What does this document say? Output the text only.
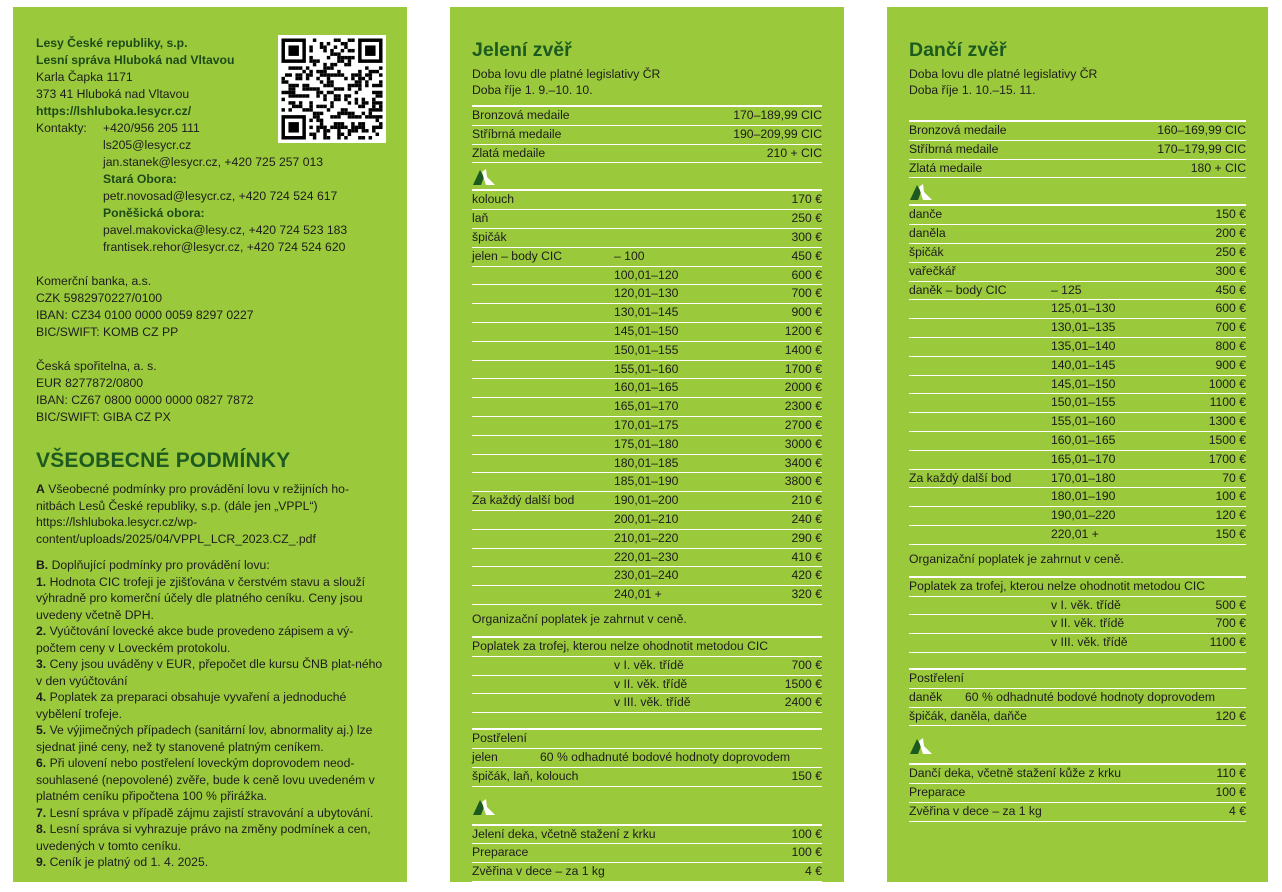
Lesy České republiky, s.p.
Lesní správa Hluboká nad Vltavou
Karla Čapka 1171
373 41 Hluboká nad Vltavou
https://lshluboka.lesycr.cz/
Kontakty:	+420/956 205 111
ls205@lesycr.cz
jan.stanek@lesycr.cz, +420 725 257 013
Stará Obora:
petr.novosad@lesycr.cz, +420 724 524 617
Poněšická obora:
pavel.makovicka@lesy.cz, +420 724 523 183
frantisek.rehor@lesycr.cz, +420 724 524 620
Komerční banka, a.s.
CZK 5982970227/0100
IBAN: CZ34 0100 0000 0059 8297 0227
BIC/SWIFT: KOMB CZ PP
Česká spořitelna, a. s.
EUR 8277872/0800
IBAN: CZ67 0800 0000 0000 0827 7872
BIC/SWIFT: GIBA CZ PX
VŠEOBECNÉ PODMÍNKY
A Všeobecné podmínky pro provádění lovu v režijních ho-nitbách Lesů České republiky, s.p. (dále jen „VPPL“) https://lshluboka.lesycr.cz/wp-content/uploads/2025/04/VPPL_LCR_2023.CZ_.pdf
B. Doplňující podmínky pro provádění lovu:
1. Hodnota CIC trofeji je zjišťována v čerstvém stavu a slouží výhradně pro komerční účely dle platného ceníku. Ceny jsou uvedeny včetně DPH.
2. Vyúčtování lovecké akce bude provedeno zápisem a vý-počtem ceny v Loveckém protokolu.
3. Ceny jsou uváděny v EUR, přepočet dle kursu ČNB plat-ného v den vyúčtování
4. Poplatek za preparaci obsahuje vyvaření a jednoduché vybělení trofeje.
5. Ve výjimečných případech (sanitární lov, abnormality aj.) lze sjednat jiné ceny, než ty stanovené platným ceníkem.
6. Při ulovení nebo postřelení loveckým doprovodem neod-souhlasené (nepovolené) zvěře, bude k ceně lovu uvedeném v platném ceníku připočtena 100 % přirážka.
7. Lesní správa v případě zájmu zajistí stravování a ubytování.
8. Lesní správa si vyhrazuje právo na změny podmínek a cen, uvedených v tomto ceníku.
9. Ceník je platný od 1. 4. 2025.
Jelení zvěř
Doba lovu dle platné legislativy ČR
Doba říje 1. 9.–10. 10.
Bronzová medaile	170–189,99 CIC
Stříbrná medaile	190–209,99 CIC
Zlatá medaile	210 + CIC
kolouch	170 €
laň	250 €
špičák	300 €
jelen – body CIC	– 100	450 €
100,01–120	600 €
120,01–130	700 €
130,01–145	900 €
145,01–150	1200 €
150,01–155	1400 €
155,01–160	1700 €
160,01–165	2000 €
165,01–170	2300 €
170,01–175	2700 €
175,01–180	3000 €
180,01–185	3400 €
185,01–190	3800 €
Za každý další bod	190,01–200	210 €
200,01–210	240 €
210,01–220	290 €
220,01–230	410 €
230,01–240	420 €
240,01 +	320 €
Organizační poplatek je zahrnut v ceně.
Poplatek za trofej, kterou nelze ohodnotit metodou CIC
v I. věk. třídě	700 €
v II. věk. třídě	1500 €
v III. věk. třídě	2400 €
Postřelení
jelen	60 % odhadnuté bodové hodnoty doprovodem
špičák, laň, kolouch	150 €
Jelení deka, včetně stažení z krku	100 €
Preparace	100 €
Zvěřina v dece – za 1 kg	4 €
Dančí zvěř
Doba lovu dle platné legislativy ČR
Doba říje 1. 10.–15. 11.
Bronzová medaile	160–169,99 CIC
Stříbrná medaile	170–179,99 CIC
Zlatá medaile	180 + CIC
dančе	150 €
daněla	200 €
špičák	250 €
vařečkář	300 €
daněk – body CIC	– 125	450 €
125,01–130	600 €
130,01–135	700 €
135,01–140	800 €
140,01–145	900 €
145,01–150	1000 €
150,01–155	1100 €
155,01–160	1300 €
160,01–165	1500 €
165,01–170	1700 €
Za každý další bod	170,01–180	70 €
180,01–190	100 €
190,01–220	120 €
220,01 +	150 €
Organizační poplatek je zahrnut v ceně.
Poplatek za trofej, kterou nelze ohodnotit metodou CIC
v I. věk. třídě	500 €
v II. věk. třídě	700 €
v III. věk. třídě	1100 €
Postřelení
daněk	60 % odhadnuté bodové hodnoty doprovodem
špičák, daněla, daňče	120 €
Dančí deka, včetně stažení kůže z krku	110 €
Preparace	100 €
Zvěřina v dece – za 1 kg	4 €
